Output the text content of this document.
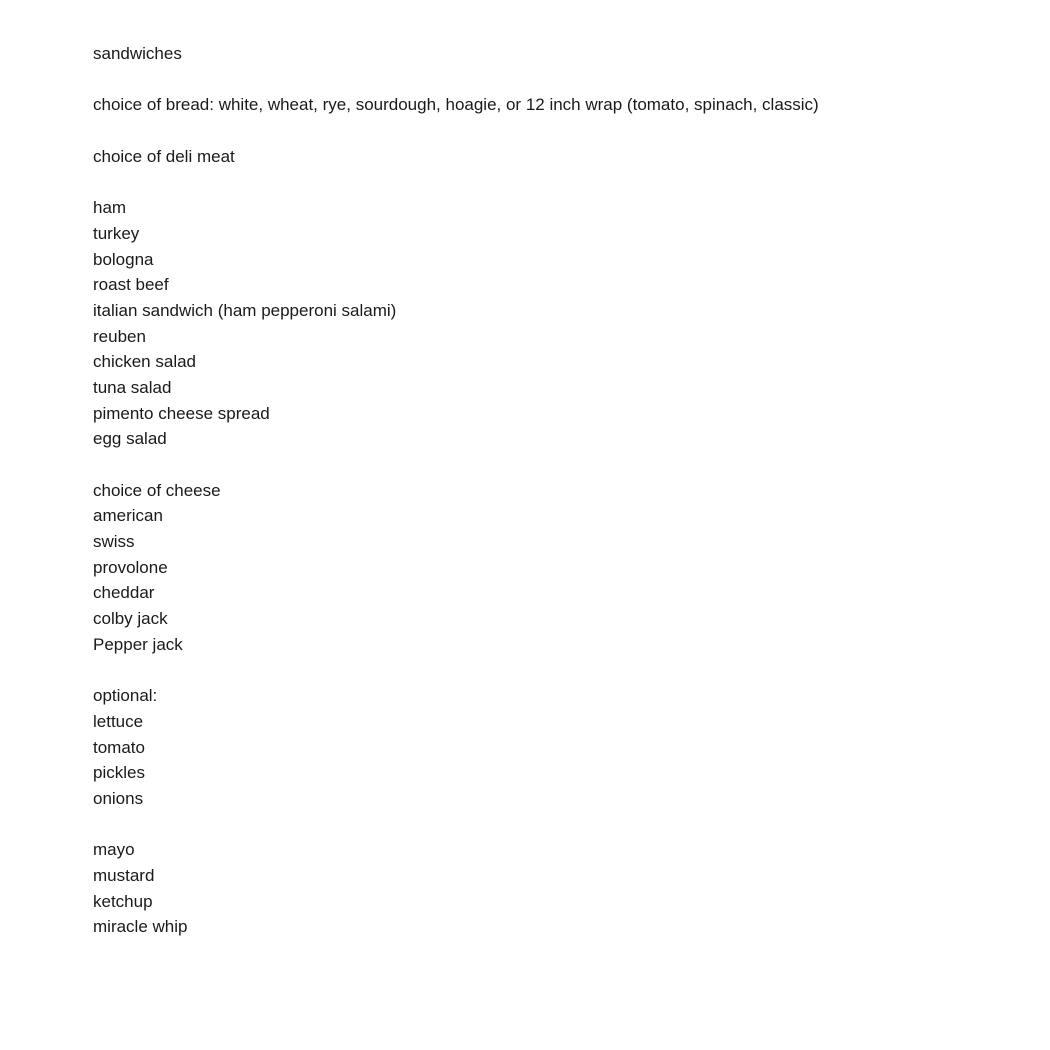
sandwiches

choice of bread: white, wheat, rye, sourdough, hoagie, or 12 inch wrap (tomato, spinach, classic)

choice of deli meat

ham

turkey

bologna

roast beef

italian sandwich (ham pepperoni salami)

reuben

chicken salad

tuna salad

pimento cheese spread

egg salad

choice of cheese

american

swiss

provolone

cheddar

colby jack

Pepper jack

optional:

lettuce

tomato

pickles

onions

mayo

mustard

ketchup

miracle whip
